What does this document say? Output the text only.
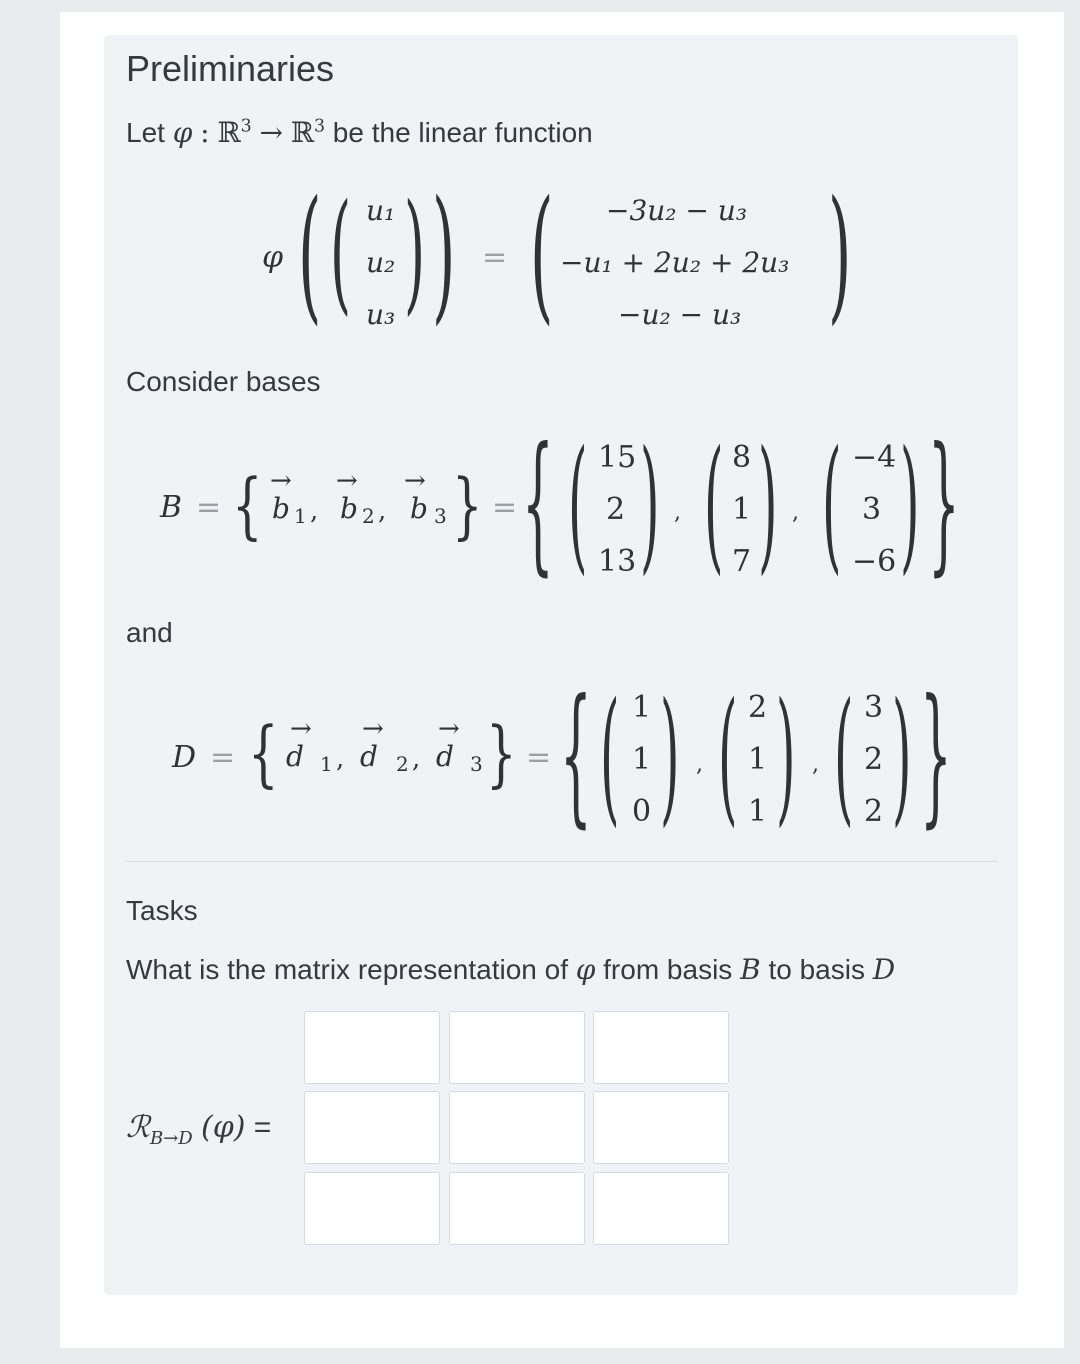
Preliminaries
Let φ : ℝ$^3$ → ℝ$^3$ be the linear function
φ ( ( u₁
u₂
u₃ ) ) = ( −3u₂ − u₃
−u₁ + 2u₂ + 2u₃
−u₂ − u₃ )
Consider bases
B = { →
b 1 ,
→
b 2 ,
→
b 3 } = { ( 15
2
13 ) , ( 8
1
7 ) , ( −4
3
−6 ) }
and
D = { →
d 1 ,
→
d 2 ,
→
d 3 } = { ( 1
1
0 ) , ( 2
1
1 ) , ( 3
2
2 ) }
Tasks
What is the matrix representation of φ from basis B to basis D
ℛ$_{B\to D}$ (φ) =
